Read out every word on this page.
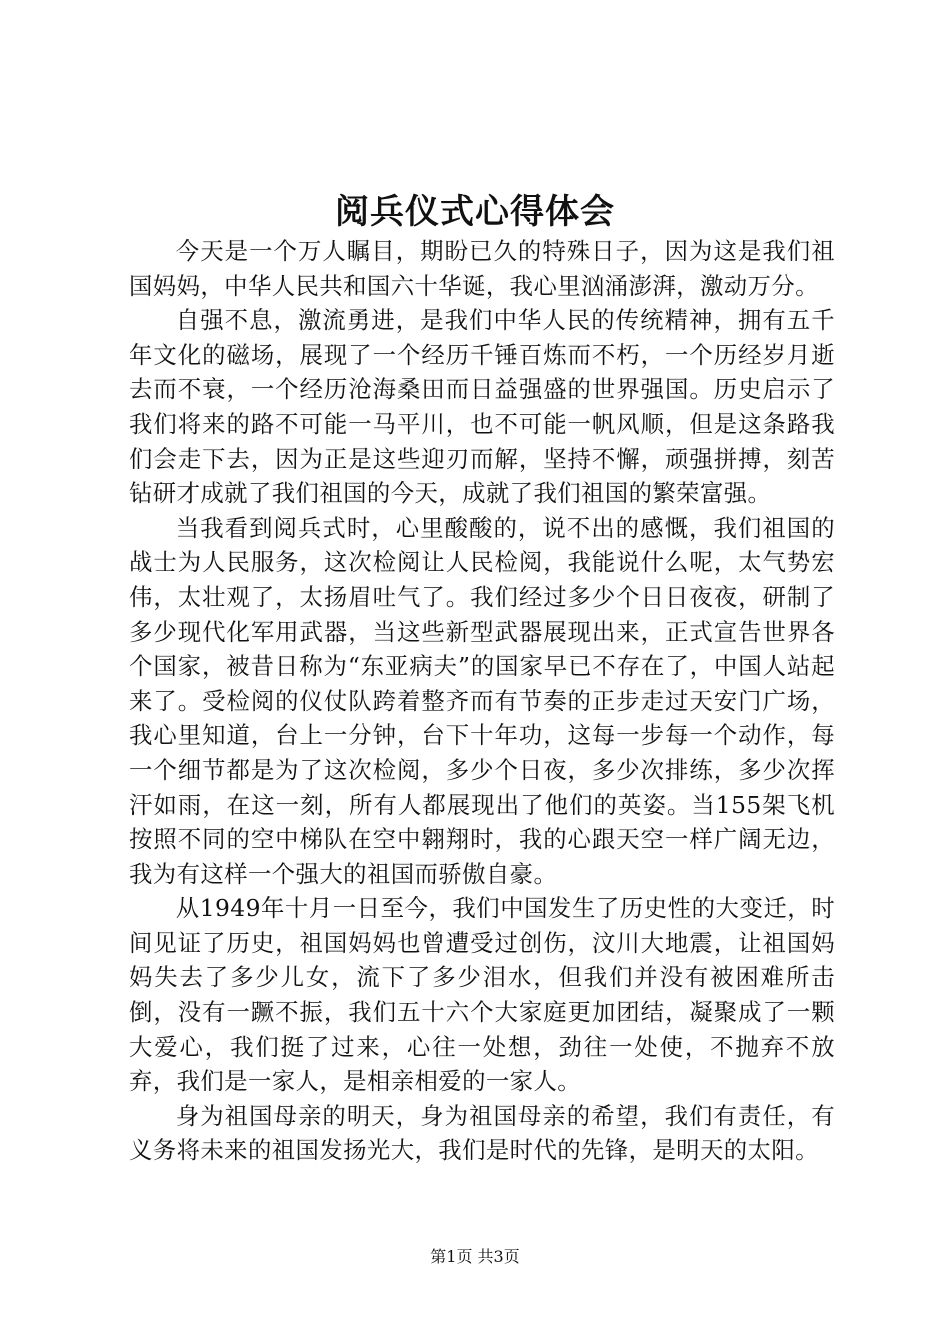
阅兵仪式心得体会

今天是一个万人瞩目，期盼已久的特殊日子，因为这是我们祖国妈妈，中华人民共和国六十华诞，我心里汹涌澎湃，激动万分。

自强不息，激流勇进，是我们中华人民的传统精神，拥有五千年文化的磁场，展现了一个经历千锤百炼而不朽，一个历经岁月逝去而不衰，一个经历沧海桑田而日益强盛的世界强国。历史启示了我们将来的路不可能一马平川，也不可能一帆风顺，但是这条路我们会走下去，因为正是这些迎刃而解，坚持不懈，顽强拼搏，刻苦钻研才成就了我们祖国的今天，成就了我们祖国的繁荣富强。

当我看到阅兵式时，心里酸酸的，说不出的感慨，我们祖国的战士为人民服务，这次检阅让人民检阅，我能说什么呢，太气势宏伟，太壮观了，太扬眉吐气了。我们经过多少个日日夜夜，研制了多少现代化军用武器，当这些新型武器展现出来，正式宣告世界各个国家，被昔日称为“东亚病夫”的国家早已不存在了，中国人站起来了。受检阅的仪仗队跨着整齐而有节奏的正步走过天安门广场，我心里知道，台上一分钟，台下十年功，这每一步每一个动作，每一个细节都是为了这次检阅，多少个日夜，多少次排练，多少次挥汗如雨，在这一刻，所有人都展现出了他们的英姿。当155架飞机按照不同的空中梯队在空中翱翔时，我的心跟天空一样广阔无边，我为有这样一个强大的祖国而骄傲自豪。

从1949年十月一日至今，我们中国发生了历史性的大变迁，时间见证了历史，祖国妈妈也曾遭受过创伤，汶川大地震，让祖国妈妈失去了多少儿女，流下了多少泪水，但我们并没有被困难所击倒，没有一蹶不振，我们五十六个大家庭更加团结，凝聚成了一颗大爱心，我们挺了过来，心往一处想，劲往一处使，不抛弃不放弃，我们是一家人，是相亲相爱的一家人。

身为祖国母亲的明天，身为祖国母亲的希望，我们有责任，有义务将未来的祖国发扬光大，我们是时代的先锋，是明天的太阳。

第1页 共3页
